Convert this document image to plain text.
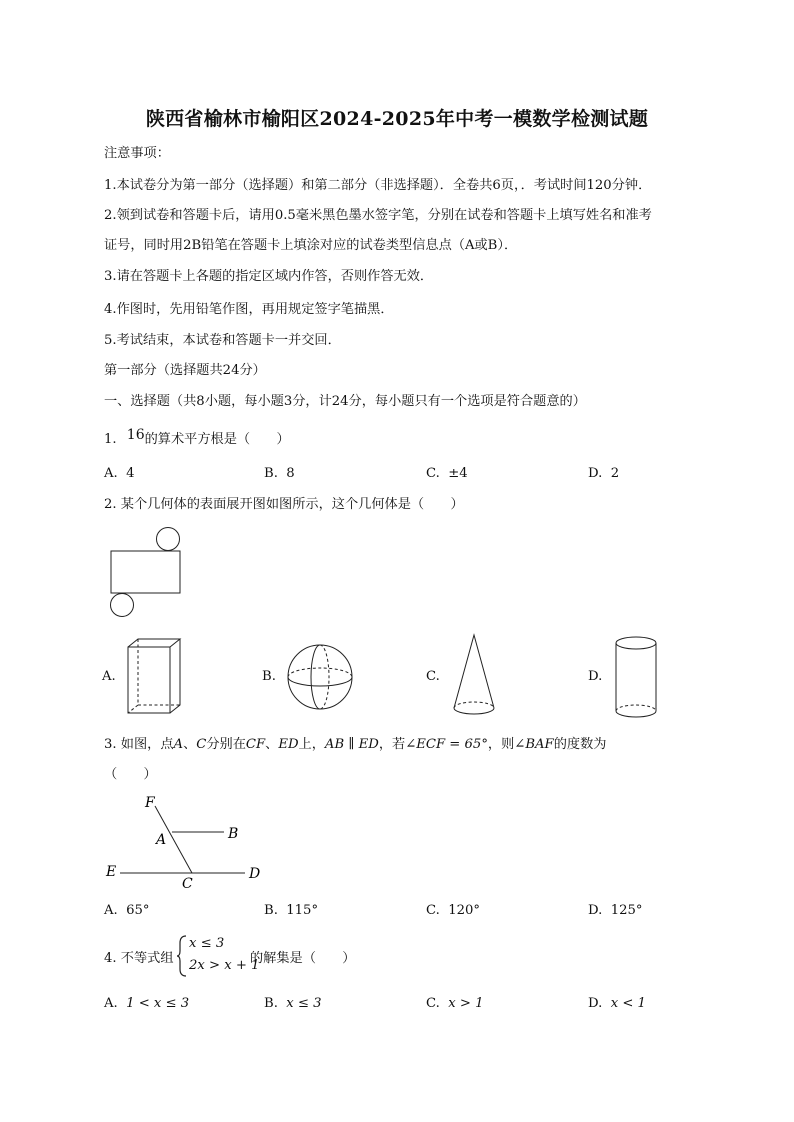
陕西省榆林市榆阳区2024-2025年中考一模数学检测试题
注意事项：
1.本试卷分为第一部分（选择题）和第二部分（非选择题）．全卷共6页，．考试时间120分钟．
2.领到试卷和答题卡后，请用0.5毫米黑色墨水签字笔，分别在试卷和答题卡上填写姓名和准考
证号，同时用2B铅笔在答题卡上填涂对应的试卷类型信息点（A或B）．
3.请在答题卡上各题的指定区域内作答，否则作答无效．
4.作图时，先用铅笔作图，再用规定签字笔描黑．
5.考试结束，本试卷和答题卡一并交回．
第一部分（选择题共24分）
一、选择题（共8小题，每小题3分，计24分，每小题只有一个选项是符合题意的）
1. 16的算术平方根是（　　）
A. 4	B. 8	C. ±4	D. 2
2. 某个几何体的表面展开图如图所示，这个几何体是（　　）
A.	B.	C.	D.
3. 如图，点A、C分别在CF、ED上，AB ∥ ED，若∠ECF = 65°，则∠BAF的度数为
（　　）
F
A	B
E
C
D
A. 65°	B. 115°	C. 120°	D. 125°
4. 不等式组
x ≤ 3
2x > x + 1
的解集是（　　）
A. 1 < x ≤ 3	B. x ≤ 3	C. x > 1	D. x < 1
